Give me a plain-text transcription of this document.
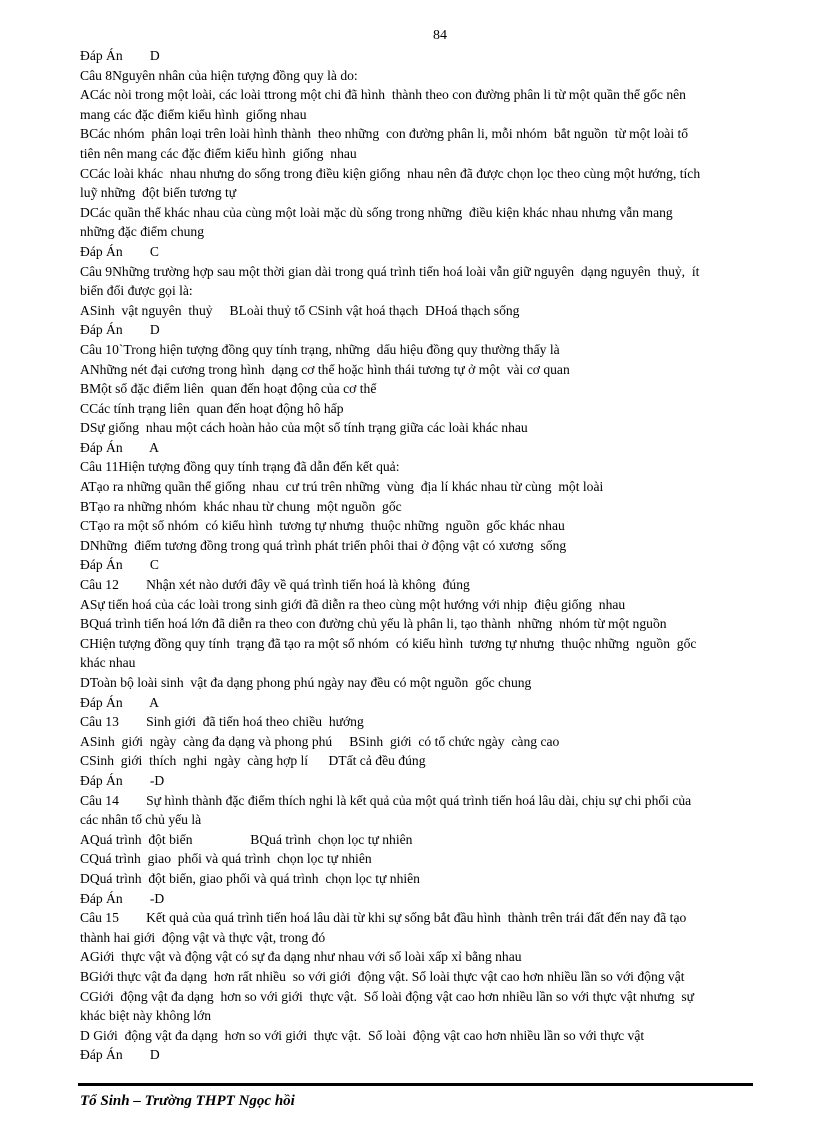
84
Đáp Án        D
Câu 8Nguyên nhân của hiện tượng đồng quy là do:
ACác nòi trong một loài, các loài ttrong một chi đã hình  thành theo con đường phân li từ một quần thể gốc nên
mang các đặc điểm kiểu hình  giống nhau
BCác nhóm  phân loại trên loài hình thành  theo những  con đường phân li, mỗi nhóm  bắt nguồn  từ một loài tổ
tiên nên mang các đặc điểm kiểu hình  giống  nhau
CCác loài khác  nhau nhưng do sống trong điều kiện giống  nhau nên đã được chọn lọc theo cùng một hướng, tích
luỹ những  đột biến tương tự
DCác quần thể khác nhau của cùng một loài mặc dù sống trong những  điều kiện khác nhau nhưng vẫn mang
những đặc điểm chung
Đáp Án        C
Câu 9Những trường hợp sau một thời gian dài trong quá trình tiến hoá loài vẫn giữ nguyên  dạng nguyên  thuỷ,  ít
biến đổi được gọi là:
ASinh  vật nguyên  thuỷ     BLoài thuỷ tổ CSinh vật hoá thạch  DHoá thạch sống
Đáp Án        D
Câu 10`Trong hiện tượng đồng quy tính trạng, những  dấu hiệu đồng quy thường thấy là
ANhững nét đại cương trong hình  dạng cơ thể hoặc hình thái tương tự ở một  vài cơ quan
BMột số đặc điểm liên  quan đến hoạt động của cơ thể
CCác tính trạng liên  quan đến hoạt động hô hấp
DSự giống  nhau một cách hoàn hảo của một số tính trạng giữa các loài khác nhau
Đáp Án        A
Câu 11Hiện tượng đồng quy tính trạng đã dẫn đến kết quả:
ATạo ra những quần thể giống  nhau  cư trú trên những  vùng  địa lí khác nhau từ cùng  một loài
BTạo ra những nhóm  khác nhau từ chung  một nguồn  gốc
CTạo ra một số nhóm  có kiểu hình  tương tự nhưng  thuộc những  nguồn  gốc khác nhau
DNhững  điểm tương đồng trong quá trình phát triển phôi thai ở động vật có xương  sống
Đáp Án        C
Câu 12        Nhận xét nào dưới đây về quá trình tiến hoá là không  đúng
ASự tiến hoá của các loài trong sinh giới đã diễn ra theo cùng một hướng với nhịp  điệu giống  nhau
BQuá trình tiến hoá lớn đã diễn ra theo con đường chủ yếu là phân li, tạo thành  những  nhóm từ một nguồn
CHiện tượng đồng quy tính  trạng đã tạo ra một số nhóm  có kiểu hình  tương tự nhưng  thuộc những  nguồn  gốc
khác nhau
DToàn bộ loài sinh  vật đa dạng phong phú ngày nay đều có một nguồn  gốc chung
Đáp Án        A
Câu 13        Sinh giới  đã tiến hoá theo chiều  hướng
ASinh  giới  ngày  càng đa dạng và phong phú     BSinh  giới  có tổ chức ngày  càng cao
CSinh  giới  thích  nghi  ngày  càng hợp lí      DTất cả đều đúng
Đáp Án        -D
Câu 14        Sự hình thành đặc điểm thích nghi là kết quả của một quá trình tiến hoá lâu dài, chịu sự chi phối của
các nhân tố chủ yếu là
AQuá trình  đột biến                 BQuá trình  chọn lọc tự nhiên
CQuá trình  giao  phối và quá trình  chọn lọc tự nhiên
DQuá trình  đột biến, giao phối và quá trình  chọn lọc tự nhiên
Đáp Án        -D
Câu 15        Kết quả của quá trình tiến hoá lâu dài từ khi sự sống bắt đầu hình  thành trên trái đất đến nay đã tạo
thành hai giới  động vật và thực vật, trong đó
AGiới  thực vật và động vật có sự đa dạng như nhau với số loài xấp xỉ bằng nhau
BGiới thực vật đa dạng  hơn rất nhiều  so với giới  động vật. Số loài thực vật cao hơn nhiều lần so với động vật
CGiới  động vật đa dạng  hơn so với giới  thực vật.  Số loài động vật cao hơn nhiều lần so với thực vật nhưng  sự
khác biệt này không lớn
D Giới  động vật đa dạng  hơn so với giới  thực vật.  Số loài  động vật cao hơn nhiều lần so với thực vật
Đáp Án        D
Tổ Sinh – Trường THPT Ngọc hồi
